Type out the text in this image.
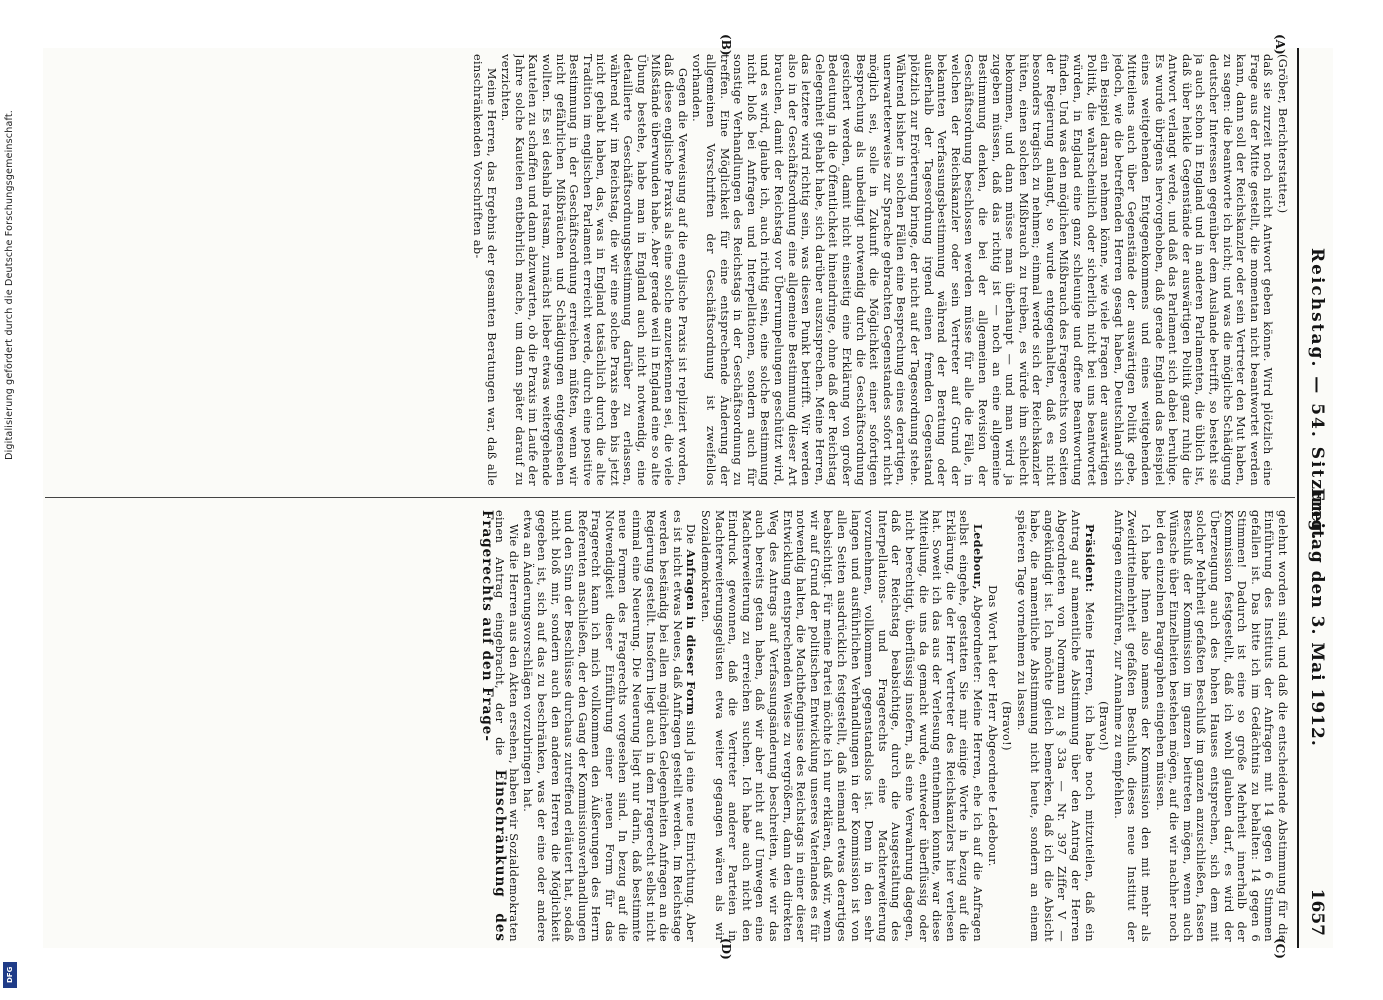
Reichstag. — 54. Sitzung.
Freitag den 3. Mai 1912.
1657
(A)
(B)
(C)
(D)

(Gröber, Berichterstatter.)

daß sie zurzeit noch nicht Antwort geben könne. Wird plötzlich eine Frage aus der Mitte gestellt, die momentan nicht beantwortet werden kann, dann soll der Reichskanzler oder sein Vertreter den Mut haben, zu sagen: die beantworte ich nicht; und was die mögliche Schädigung deutscher Interessen gegenüber dem Auslande betrifft, so besteht sie ja auch schon in England und in anderen Parlamenten, die üblich ist, daß über heikle Gegenstände der auswärtigen Politik ganz ruhig die Antwort verlangt werde, und daß das Parlament sich dabei beruhige. Es wurde übrigens hervorgehoben, daß gerade England das Beispiel eines weitgehenden Entgegenkommens und eines weitgehenden Mitteilens auch über Gegenstände der auswärtigen Politik gebe, jedoch, wie die betreffenden Herren gesagt haben, Deutschland sich ein Beispiel daran nehmen könne, wie viele Fragen der auswärtigen Politik, die wahrscheinlich oder sicherlich nicht bei uns beantwortet würden, in England eine ganz schleunige und offene Beantwortung finden. Und was den möglichen Mißbrauch des Fragerechts von Seiten der Regierung anlangt, so wurde entgegenhalten, daß es nicht besonders tragisch zu nehmen; einmal werde sich der Reichskanzler hüten, einen solchen Mißbrauch zu treiben, es würde ihm schlecht bekommen, und dann müsse man überhaupt — und man wird ja zugeben müssen, daß das richtig ist — noch an eine allgemeine Bestimmung denken, die bei der allgemeinen Revision der Geschäftsordnung beschlossen werden müsse für alle die Fälle, in welchen der Reichskanzler oder sein Vertreter auf Grund der bekannten Verfassungsbestimmung während der Beratung oder außerhalb der Tagesordnung irgend einen fremden Gegenstand plötzlich zur Erörterung bringe, der nicht auf der Tagesordnung stehe. Während bisher in solchen Fällen eine Besprechung eines derartigen, unerwarteterweise zur Sprache gebrachten Gegenstandes sofort nicht möglich sei, solle in Zukunft die Möglichkeit einer sofortigen Besprechung als unbedingt notwendig durch die Geschäftsordnung gesichert werden, damit nicht einseitig eine Erklärung von großer Bedeutung in die Öffentlichkeit hineindringe, ohne daß der Reichstag Gelegenheit gehabt habe, sich darüber auszusprechen. Meine Herren, das letztere wird richtig sein, was diesen Punkt betrifft. Wir werden also in der Geschäftsordnung eine allgemeine Bestimmung dieser Art brauchen, damit der Reichstag vor Überrumpelungen geschützt wird, und es wird, glaube ich, auch richtig sein, eine solche Bestimmung nicht bloß bei Anfragen und Interpellationen, sondern auch für sonstige Verhandlungen des Reichstags in der Geschäftsordnung zu treffen. Eine Möglichkeit für eine entsprechende Änderung der allgemeinen Vorschriften der Geschäftsordnung ist zweifellos vorhanden.

Gegen die Verweisung auf die englische Praxis ist repliziert worden, daß diese englische Praxis als eine solche anzuerkennen sei, die viele Mißstände überwunden habe. Aber gerade weil in England eine so alte Übung bestehe, habe man in England auch nicht notwendig, eine detaillierte Geschäftsordnungsbestimmung darüber zu erlassen, während wir im Reichstag, die wir eine solche Praxis eben bis jetzt nicht gehabt haben, das, was in England tatsächlich durch die alte Tradition im englischen Parlament erreicht werde, durch eine positive Bestimmung in der Geschäftsordnung erreichen müßten, wenn wir nicht gefährlichen Mißbräuchen und Schädigungen entgegensehen wollten. Es sei deshalb ratsam, zunächst lieber etwas weitergehende Kautelen zu schaffen und dann abzuwarten, ob die Praxis im Laufe der Jahre solche Kautelen entbehrlich mache, um dann später darauf zu verzichten.

Meine Herren, das Ergebnis der gesamten Beratungen war, daß alle einschränkenden Vorschriften ab-

gelehnt worden sind, und daß die entscheidende Abstimmung für die Einführung des Instituts der Anfragen mit 14 gegen 6 Stimmen gefallen ist. Das bitte ich im Gedächtnis zu behalten: 14 gegen 6 Stimmen! Dadurch ist eine so große Mehrheit innerhalb der Kommission festgestellt, daß ich wohl glauben darf, es wird der Überzeugung auch des hohen Hauses entsprechen, sich dem mit solcher Mehrheit gefaßten Beschluß im ganzen anzuschließen, fassen Beschluß der Kommission im ganzen beitreten mögen, wenn auch Wünsche über Einzelheiten bestehen mögen, auf die wir nachher noch bei den einzelnen Paragraphen eingehen müssen.

Ich habe Ihnen also namens der Kommission den mit mehr als Zweidrittelmehrheit gefaßten Beschluß, dieses neue Institut der Anfragen einzuführen, zur Annahme zu empfehlen.

(Bravo!)

Präsident: Meine Herren, ich habe noch mitzuteilen, daß ein Antrag auf namentliche Abstimmung über den Antrag der Herren Abgeordneten von Normann zu § 33a — Nr. 397 Ziffer V — angekündigt ist. Ich möchte gleich bemerken, daß ich die Absicht habe, die namentliche Abstimmung nicht heute, sondern an einem späteren Tage vornehmen zu lassen.

(Bravo!)

Das Wort hat der Herr Abgeordnete Ledebour.

Ledebour, Abgeordneter: Meine Herren, ehe ich auf die Anfragen selbst eingehe, gestatten Sie mir einige Worte in bezug auf die Erklärung, die der Herr Vertreter des Reichskanzlers hier verlesen hat. Soweit ich das aus der Verlesung entnehmen konnte, war diese Mitteilung, die uns da gemacht wurde, entweder überflüssig oder nicht berechtigt, überflüssig insofern, als eine Verwahrung dagegen, daß der Reichstag beabsichtige, durch die Ausgestaltung des Interpellations- und Fragerechts eine Machterweiterung vorzunehmen, vollkommen gegenstandslos ist. Denn in den sehr langen und ausführlichen Verhandlungen in der Kommission ist von allen Seiten ausdrücklich festgestellt, daß niemand etwas derartiges beabsichtigt. Für meine Partei möchte ich nur erklären, daß wir, wenn wir auf Grund der politischen Entwicklung unseres Vaterlandes es für notwendig halten, die Machtbefugnisse des Reichstags in einer dieser Entwicklung entsprechenden Weise zu vergrößern, dann den direkten Weg des Antrags auf Verfassungsänderung beschreiten, wie wir das auch bereits getan haben, daß wir aber nicht auf Umwegen eine Machterweiterung zu erreichen suchen. Ich habe auch nicht den Eindruck gewonnen, daß die Vertreter anderer Parteien in Machterweiterungsgelüsten etwa weiter gegangen wären als wir Sozialdemokraten.

Die Anfragen in dieser Form sind ja eine neue Einrichtung. Aber es ist nicht etwas Neues, daß Anfragen gestellt werden. Im Reichstage werden beständig bei allen möglichen Gelegenheiten Anfragen an die Regierung gestellt. Insofern liegt auch in dem Fragerecht selbst nicht einmal eine Neuerung. Die Neuerung liegt nur darin, daß bestimmte neue Formen des Fragerechts vorgesehen sind. In bezug auf die Notwendigkeit dieser Einführung einer neuen Form für das Fragerecht kann ich mich vollkommen den Äußerungen des Herrn Referenten anschließen, der den Gang der Kommissionsverhandlungen und den Sinn der Beschlüsse durchaus zutreffend erläutert hat, sodaß nicht bloß mir, sondern auch den anderen Herren die Möglichkeit gegeben ist, sich auf das zu beschränken, was der eine oder andere etwa an Änderungsvorschlägen vorzubringen hat.

Wie die Herren aus den Akten ersehen, haben wir Sozialdemokraten einen Antrag eingebracht, der die Einschränkung des Fragerechts auf den Frage-

Digitalisierung gefördert durch die Deutsche Forschungsgemeinschaft.
DFG
